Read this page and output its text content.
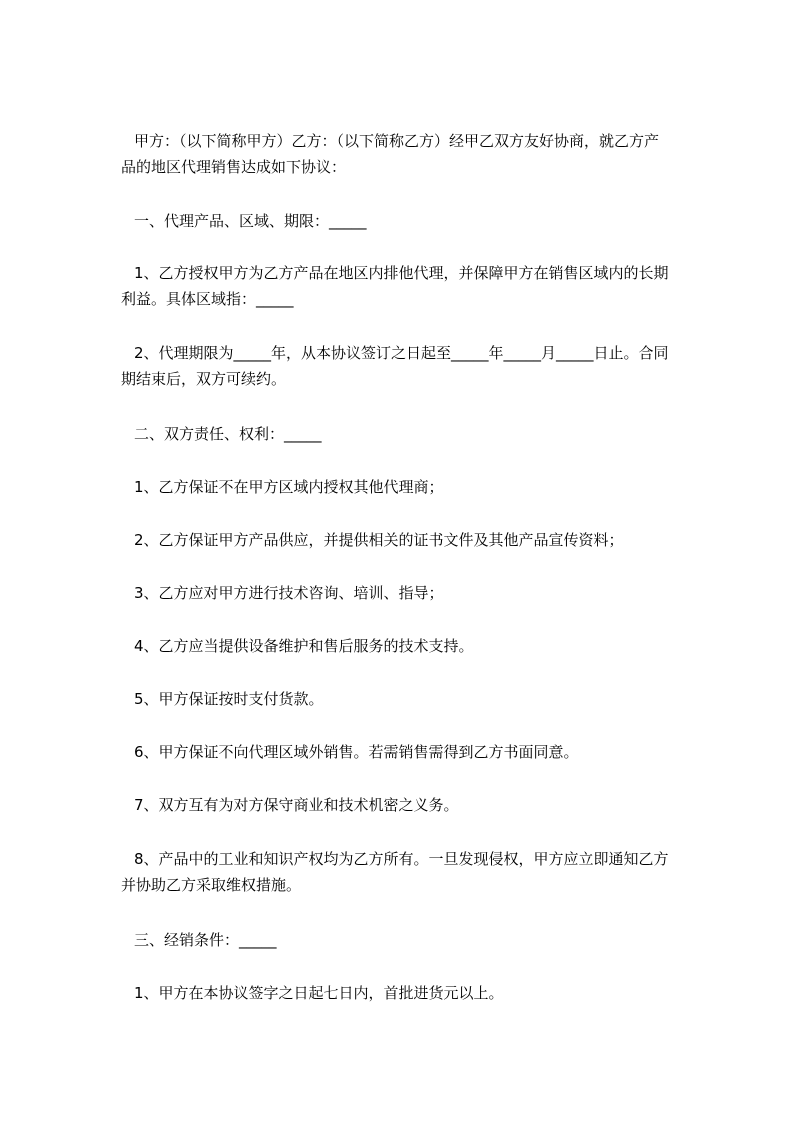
甲方：（以下简称甲方）乙方：（以下简称乙方）经甲乙双方友好协商，就乙方产
品的地区代理销售达成如下协议：
一、代理产品、区域、期限：_____
1、乙方授权甲方为乙方产品在地区内排他代理，并保障甲方在销售区域内的长期
利益。具体区域指：_____
2、代理期限为_____年，从本协议签订之日起至_____年_____月_____日止。合同
期结束后，双方可续约。
二、双方责任、权利：_____
1、乙方保证不在甲方区域内授权其他代理商；
2、乙方保证甲方产品供应，并提供相关的证书文件及其他产品宣传资料；
3、乙方应对甲方进行技术咨询、培训、指导；
4、乙方应当提供设备维护和售后服务的技术支持。
5、甲方保证按时支付货款。
6、甲方保证不向代理区域外销售。若需销售需得到乙方书面同意。
7、双方互有为对方保守商业和技术机密之义务。
8、产品中的工业和知识产权均为乙方所有。一旦发现侵权，甲方应立即通知乙方
并协助乙方采取维权措施。
三、经销条件：_____
1、甲方在本协议签字之日起七日内，首批进货元以上。
